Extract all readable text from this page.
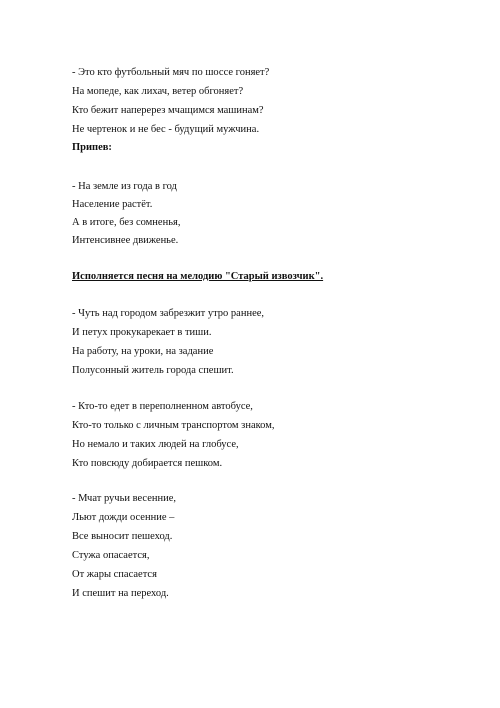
- Это кто футбольный мяч по шоссе гоняет?
На мопеде, как лихач, ветер обгоняет?
Кто бежит наперерез мчащимся машинам?
Не чертенок и не бес - будущий мужчина.
Припев:
- На земле из года в год
Население растёт.
А в итоге, без сомненья,
Интенсивнее движенье.
Исполняется песня на мелодию "Старый извозчик".
- Чуть над городом забрезжит утро раннее,
И петух прокукарекает в тиши.
На работу, на уроки, на задание
Полусонный житель города спешит.
- Кто-то едет в переполненном автобусе,
Кто-то только с личным транспортом знаком,
Но немало и таких людей на глобусе,
Кто повсюду добирается пешком.
- Мчат ручьи весенние,
Льют дожди осенние –
Все выносит пешеход.
Стужа опасается,
От жары спасается
И спешит на переход.
